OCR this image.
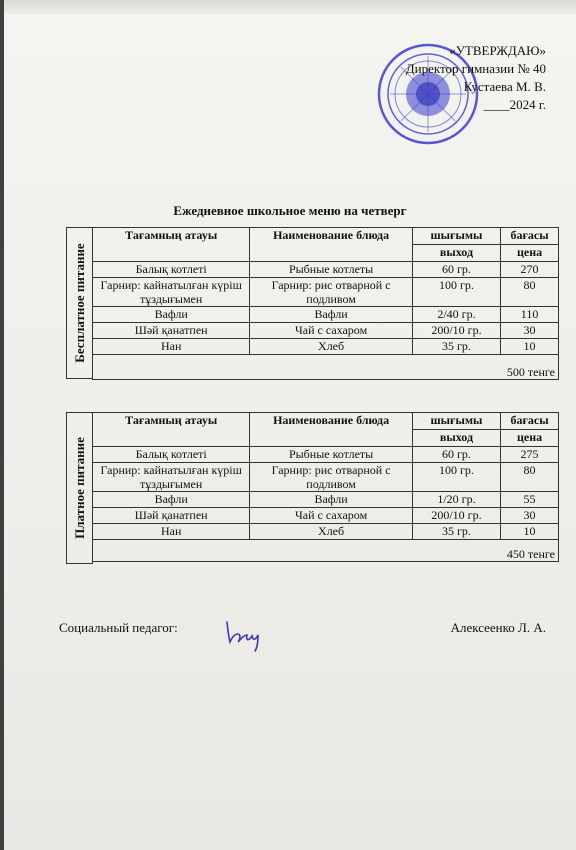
«УТВЕРЖДАЮ»
Директор гимназии № 40
Кустаева М. В.
____2024 г.
Ежедневное школьное меню на четверг
Бесплатное питание
Тағамның атауы	Наименование блюда	шығымы	бағасы
		выход	цена
Балық котлеті	Рыбные котлеты	60 гр.	270
Гарнир: кайнатылған күріш тұздығымен	Гарнир: рис отварной с подливом	100 гр.	80
Вафли	Вафли	2/40 гр.	110
Шәй қанатпен	Чай с сахаром	200/10 гр.	30
Нан	Хлеб	35 гр.	10
500 тенге			
Платное питание
Тағамның атауы	Наименование блюда	шығымы	бағасы
		выход	цена
Балық котлеті	Рыбные котлеты	60 гр.	275
Гарнир: кайнатылған күріш тұздығымен	Гарнир: рис отварной с подливом	100 гр.	80
Вафли	Вафли	1/20 гр.	55
Шәй қанатпен	Чай с сахаром	200/10 гр.	30
Нан	Хлеб	35 гр.	10
450 тенге			
Социальный педагог:	Алексеенко Л. А.
